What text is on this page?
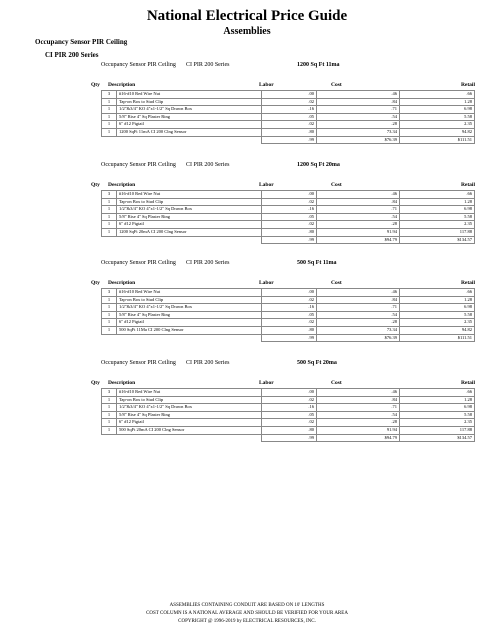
National Electrical Price Guide
Assemblies
Occupancy Sensor PIR Ceiling
CI PIR 200 Series
Occupancy Sensor PIR Ceiling	CI PIR 200 Series	1200 Sq Ft 11ma
Qty Description	Labor	Cost	Retail
3	#16-#10 Red Wire Nut	.00	.46	.66
1	Tap-on Box to Stud Clip	.02	.84	1.28
1	1/2"&3/4" KO 4"x1-1/2" Sq Drawn Box	.16	.71	6.98
1	5/8" Rise 4" Sq Plaster Ring	.05	.54	5.58
1	6" #12 Pigtail	.02	.28	2.35
1	1200 SqFt 11mA CI 200 Clng Sensor	.80	73.34	94.82
		.99	$76.39	$111.51
Occupancy Sensor PIR Ceiling	CI PIR 200 Series	1200 Sq Ft 20ma
Qty Description	Labor	Cost	Retail
3	#16-#10 Red Wire Nut	.00	.46	.66
1	Tap-on Box to Stud Clip	.02	.84	1.28
1	1/2"&3/4" KO 4"x1-1/2" Sq Drawn Box	.16	.71	6.98
1	5/8" Rise 4" Sq Plaster Ring	.05	.54	5.58
1	6" #12 Pigtail	.02	.28	2.35
1	1200 SqFt 20mA CI 200 Clng Sensor	.80	91.94	117.88
		.99	$94.79	$134.57
Occupancy Sensor PIR Ceiling	CI PIR 200 Series	500 Sq Ft 11ma
Qty Description	Labor	Cost	Retail
3	#16-#10 Red Wire Nut	.00	.46	.66
1	Tap-on Box to Stud Clip	.02	.84	1.28
1	1/2"&3/4" KO 4"x1-1/2" Sq Drawn Box	.16	.71	6.98
1	5/8" Rise 4" Sq Plaster Ring	.05	.54	5.58
1	6" #12 Pigtail	.02	.28	2.35
1	500 SqFt 11Ma CI 200 Clng Sensor	.80	73.34	94.82
		.99	$76.39	$111.51
Occupancy Sensor PIR Ceiling	CI PIR 200 Series	500 Sq Ft 20ma
Qty Description	Labor	Cost	Retail
3	#16-#10 Red Wire Nut	.00	.46	.66
1	Tap-on Box to Stud Clip	.02	.84	1.28
1	1/2"&3/4" KO 4"x1-1/2" Sq Drawn Box	.16	.71	6.98
1	5/8" Rise 4" Sq Plaster Ring	.05	.54	5.58
1	6" #12 Pigtail	.02	.28	2.35
1	500 SqFt 20mA CI 200 Clng Sensor	.80	91.94	117.88
		.99	$94.79	$134.57
ASSEMBLIES CONTAINING CONDUIT ARE BASED ON 10' LENGTHS
COST COLUMN IS A NATIONAL AVERAGE AND SHOULD BE VERIFIED FOR YOUR AREA
COPYRIGHT @ 1996-2019 by ELECTRICAL RESOURCES, INC.
